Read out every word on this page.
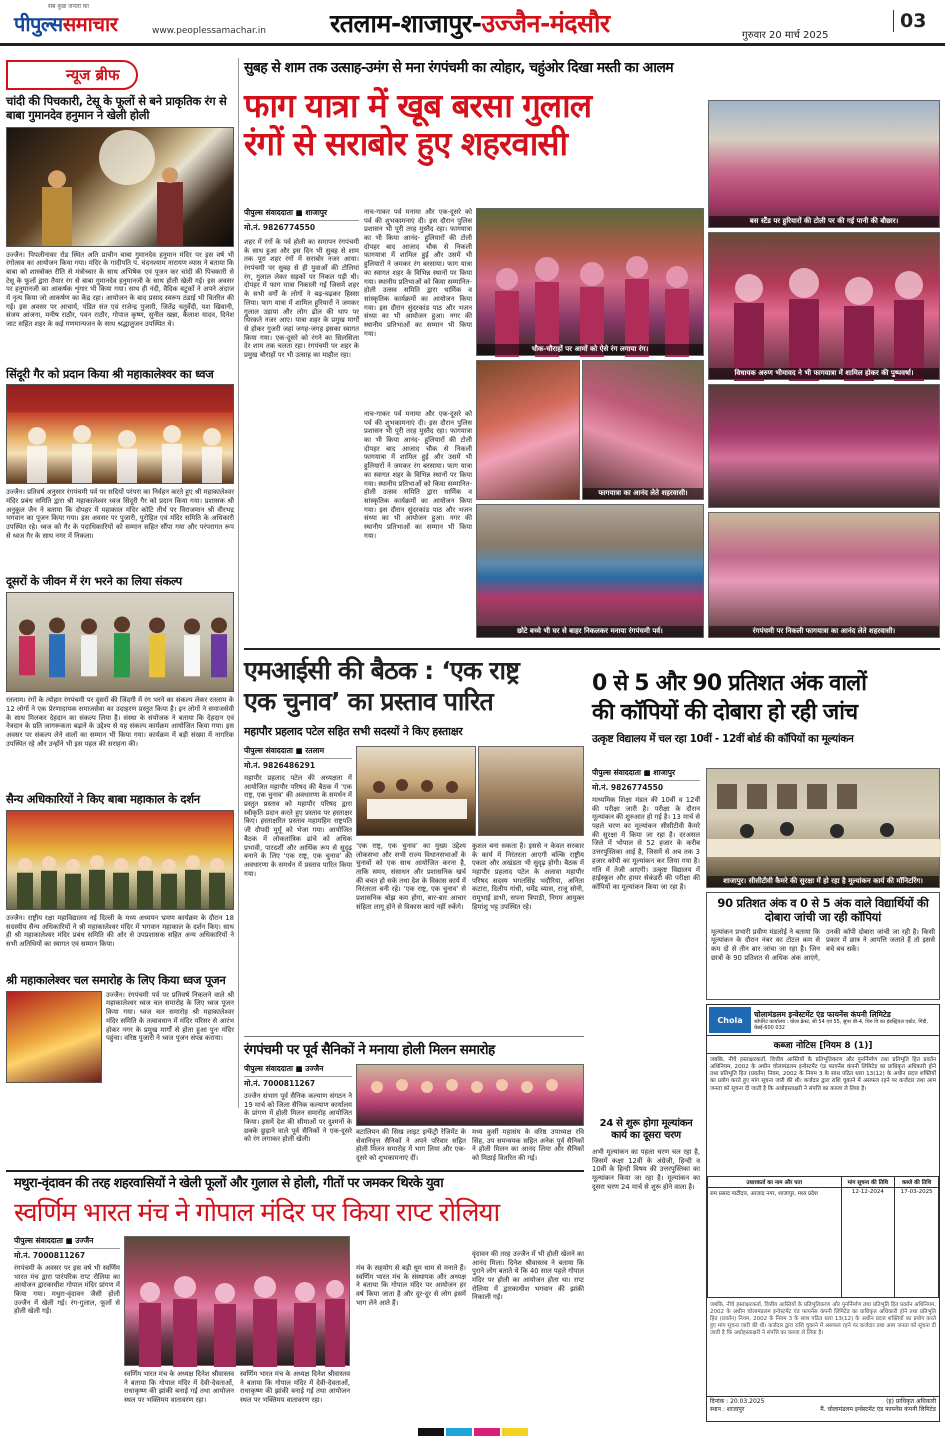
सब कुछ जनता का
पीपुल्ससमाचार	www.peoplessamachar.in	रतलाम-शाजापुर-उज्जैन-मंदसौर	गुरुवार 20 मार्च 2025
03
न्यूज ब्रीफ
चांदी की पिचकारी, टेसू के फूलों से बने प्राकृतिक रंग से बाबा गुमानदेव हनुमान ने खेली होली
उज्जैन। पिपलीनाका रोड स्थित अति प्राचीन बाबा गुमानदेव हनुमान मंदिर पर इस वर्ष भी रंगोत्सव का आयोजन किया गया। मंदिर के गादीपति पं. चंदनश्याम नारायण व्यास ने बताया कि बाबा को शास्त्रोक्त रीति से मंत्रोच्चार के साथ अभिषेक एवं पूजन कर चांदी की पिचकारी से टेसू के फूलों द्वारा तैयार रंग से बाबा गुमानदेव हनुमानजी के साथ होली खेली गई। इस अवसर पर हनुमानजी का आकर्षक शृंगार भी किया गया। साथ ही नंदी, वैदिक बटुकों ने अपने अंदाज में नृत्य किया जो आकर्षण का केंद्र रहा। आयोजन के बाद प्रसाद स्वरूप ठंडाई भी वितरित की गई। इस अवसर पर आचार्य, पंडित संत एवं राजेन्द्र पुजारी, जितेंद्र चतुर्वेदी, यश खिवानी, संजय आंजना, मनीष राठौर, पवन राठौर, गोपाल कृष्ण, सुनील खन्ना, कैलाश यादव, दिनेश जाट सहित शहर के कई गणमान्यजन के साथ श्रद्धालुजन उपस्थित थे।
सिंदूरी गैर को प्रदान किया श्री महाकालेश्वर का ध्वज
उज्जैन। प्रतिवर्ष अनुसार रंगपंचमी पर्व पर सदियों परंपरा का निर्वहन करते हुए श्री महाकालेश्वर मंदिर प्रबंध समिति द्वारा श्री महाकालेश्वर ध्वज सिंदूरी गैर को प्रदान किया गया। प्रशासक श्री अनुकूल जैन ने बताया कि दोपहर में महाकाल मंदिर कोटि तीर्थ पर विराजमान श्री वीरभद्र भगवान का पूजन किया गया। इस अवसर पर पुजारी, पुरोहित एवं मंदिर समिति के अधिकारी उपस्थित रहे। ध्वज को गैर के पदाधिकारियों को सम्मान सहित सौंपा गया और परंपरागत रूप से ध्वज गैर के साथ नगर में निकला।
दूसरों के जीवन में रंग भरने का लिया संकल्प
रतलाम। रंगों के त्योहार रंगपंचमी पर दूसरों की जिंदगी में रंग भरने का संकल्प लेकर रतलाम के 12 लोगों ने एक प्रेरणादायक समाजसेवा का उदाहरण प्रस्तुत किया है। इन लोगों ने समाजसेवी के साथ मिलकर देहदान का संकल्प लिया है। संस्था के संयोजक ने बताया कि देहदान एवं नेत्रदान के प्रति जागरूकता बढ़ाने के उद्देश्य से यह संकल्प कार्यक्रम आयोजित किया गया। इस अवसर पर संकल्प लेने वालों का सम्मान भी किया गया। कार्यक्रम में बड़ी संख्या में नागरिक उपस्थित रहे और उन्होंने भी इस पहल की सराहना की।
सैन्य अधिकारियों ने किए बाबा महाकाल के दर्शन
उज्जैन। राष्ट्रीय रक्षा महाविद्यालय नई दिल्ली के मध्य अध्ययन भ्रमण कार्यक्रम के दौरान 18 सदस्यीय सैन्य अधिकारियों ने श्री महाकालेश्वर मंदिर में भगवान महाकाल के दर्शन किए। साथ ही श्री महाकालेश्वर मंदिर प्रबंध समिति की ओर से उपप्रशासक सहित अन्य अधिकारियों ने सभी अतिथियों का स्वागत एवं सम्मान किया।
श्री महाकालेश्वर चल समारोह के लिए किया ध्वज पूजन
उज्जैन। रंगपंचमी पर्व पर प्रतिवर्ष निकलने वाले श्री महाकालेश्वर ध्वज चल समारोह के लिए ध्वज पूजन किया गया। ध्वज चल समारोह श्री महाकालेश्वर मंदिर समिति के तत्वावधान में मंदिर परिसर से आरंभ होकर नगर के प्रमुख मार्गों से होता हुआ पुनः मंदिर पहुंचा। वरिष्ठ पुजारी ने ध्वज पूजन संपन्न कराया।
सुबह से शाम तक उत्साह-उमंग से मना रंगपंचमी का त्योहार, चहुंओर दिखा मस्ती का आलम
फाग यात्रा में खूब बरसा गुलाल
रंगों से सराबोर हुए शहरवासी
पीपुल्स संवाददाता ■ शाजापुर
मो.नं. 9826774550
शहर में रंगों के पर्व होली का समापन रंगपंचमी के साथ हुआ और इस दिन भी सुबह से शाम तक पूरा शहर रंगों में सराबोर नजर आया। रंगपंचमी पर सुबह से ही युवाओं की टोलियां रंग, गुलाल लेकर सड़कों पर निकल पड़ी थी। दोपहर में फाग यात्रा निकाली गई जिसमें शहर के सभी वर्गों के लोगों ने बढ़-चढ़कर हिस्सा लिया। फाग यात्रा में शामिल हुरियारों ने जमकर गुलाल उड़ाया और लोग ढोल की थाप पर थिरकते नजर आए। यात्रा शहर के प्रमुख मार्गों से होकर गुजरी जहां जगह-जगह इसका स्वागत किया गया। एक-दूसरे को रंगने का सिलसिला देर शाम तक चलता रहा। रंगपंचमी पर शहर के प्रमुख चौराहों पर भी उत्साह का माहौल रहा।
नाच-गाकर पर्व मनाया और एक-दूसरे को पर्व की शुभकामनाएं दी। इस दौरान पुलिस प्रशासन भी पूरी तरह मुस्तैद रहा। फागयात्रा का भी किया आनंद- हुलियारों की टोली दोपहर बाद आजाद चौक से निकली फागयात्रा में शामिल हुई और उसमें भी हुलियारों ने जमकर रंग बरसाया। फाग यात्रा का स्वागत शहर के विभिन्न स्थानों पर किया गया। स्थानीय प्रतिभाओं को किया सम्मानित- होली उत्सव समिति द्वारा धार्मिक व सांस्कृतिक कार्यक्रमों का आयोजन किया गया। इस दौरान सुंदरकांड पाठ और भजन संध्या का भी आयोजन हुआ। नगर की स्थानीय प्रतिभाओं का सम्मान भी किया गया।
नाच-गाकर पर्व मनाया और एक-दूसरे को पर्व की शुभकामनाएं दी। इस दौरान पुलिस प्रशासन भी पूरी तरह मुस्तैद रहा। फागयात्रा का भी किया आनंद- हुलियारों की टोली दोपहर बाद आजाद चौक से निकली फागयात्रा में शामिल हुई और उसमें भी हुलियारों ने जमकर रंग बरसाया। फाग यात्रा का स्वागत शहर के विभिन्न स्थानों पर किया गया। स्थानीय प्रतिभाओं को किया सम्मानित- होली उत्सव समिति द्वारा धार्मिक व सांस्कृतिक कार्यक्रमों का आयोजन किया गया। इस दौरान सुंदरकांड पाठ और भजन संध्या का भी आयोजन हुआ। नगर की स्थानीय प्रतिभाओं का सम्मान भी किया गया।
चौक-चौराहों पर आमों को ऐसे रंग लगाया रंग।
बस स्टैंड पर हुरियारों की टोली पर की गई पानी की बौछार।
विधायक अरुण भीमावद ने भी फागयात्रा में शामिल होकर की पुष्पवर्षा।
फागयात्रा का आनंद लेते शहरवासी।
छोटे बच्चे भी घर से बाहर निकलकर मनाया रंगपंचमी पर्व।	रंगपंचमी पर निकली फागयात्रा का आनंद लेते शहरवासी।
एमआईसी की बैठक : ‘एक राष्ट्र
एक चुनाव’ का प्रस्ताव पारित
महापौर प्रहलाद पटेल सहित सभी सदस्यों ने किए हस्ताक्षर
पीपुल्स संवाददाता ■ रतलाम
मो.नं. 9826486291
महापौर प्रहलाद पटेल की अध्यक्षता में आयोजित महापौर परिषद की बैठक में ‘एक राष्ट्र, एक चुनाव’ की अवधारणा के समर्थन में प्रस्तुत प्रस्ताव को महापौर परिषद द्वारा स्वीकृति प्रदान करते हुए प्रस्ताव पर हस्ताक्षर किए। हस्ताक्षरित प्रस्ताव महामहिम राष्ट्रपति जी दौपदी मुर्मू को भेजा गया। आयोजित बैठक में लोकतांत्रिक ढांचे को अधिक प्रभावी, पारदर्शी और आर्थिक रूप से सुदृढ़ बनाने के लिए ‘एक राष्ट्र, एक चुनाव’ की अवधारणा के समर्थन में प्रस्ताव पारित किया गया।
‘एक राष्ट्र, एक चुनाव’ का मुख्य उद्देश्य लोकसभा और सभी राज्य विधानसभाओं के चुनावों को एक साथ आयोजित करना है, ताकि समय, संसाधन और प्रशासनिक खर्च की बचत हो सके तथा देश के विकास कार्य में निरंतरता बनी रहे। ‘एक राष्ट्र, एक चुनाव’ से प्रशासनिक बोझ कम होगा, बार-बार आचार संहिता लागू होने से विकास कार्य नहीं रुकेंगे।
कुशल बना सकता है। इससे न केवल सरकार के कार्य में निरंतरता आएगी बल्कि राष्ट्रीय एकता और अखंडता भी सुदृढ़ होगी। बैठक में महापौर प्रहलाद पटेल के अलावा महापौर परिषद सदस्य भगतसिंह भदौरिया, अनिता कटारा, दिलीप गांधी, धर्मेंद्र व्यास, राजू सोनी, रामूभाई डाभी, सपना त्रिपाठी, निगम आयुक्त हिमांशु भट्ट उपस्थित रहे।
0 से 5 और 90 प्रतिशत अंक वालों
की कॉपियों की दोबारा हो रही जांच
उत्कृष्ट विद्यालय में चल रहा 10वीं - 12वीं बोर्ड की कॉपियों का मूल्यांकन
पीपुल्स संवाददाता ■ शाजापुर
मो.नं. 9826774550
माध्यमिक शिक्षा मंडल की 10वीं व 12वीं की परीक्षा जारी है। परीक्षा के दौरान मूल्यांकन की शुरुआत हो गई है। 13 मार्च से पहले चरण का मूल्यांकन सीसीटीवी कैमरे की सुरक्षा में किया जा रहा है। दरअसल जिले में भोपाल से 52 हजार के करीब उत्तरपुस्तिका आई है, जिसमें से अब तक 3 हजार कॉपी का मूल्यांकन कर लिया गया है। गति में तेजी आएगी। उत्कृष्ट विद्यालय में हाईस्कूल और हायर सेकंडरी की परीक्षा की कॉपियों का मूल्यांकन किया जा रहा है।
शाजापुर। सीसीटीवी कैमरे की सुरक्षा में हो रहा है मूल्यांकन कार्य की मॉनिटरिंग।
90 प्रतिशत अंक व 0 से 5 अंक वाले विद्यार्थियों की दोबारा जांची जा रही कॉपियां
मूल्यांकन प्रभारी प्रवीण मंडलोई ने बताया कि मूल्यांकन के दौरान नंबर का टोटल कम से कम दो से तीन बार जांचा जा रहा है। जिन छात्रों के 90 प्रतिशत से अधिक अंक आएंगे, उनकी कॉपी दोबारा जांची जा रही है। किसी प्रकार में छात्र ने आपत्ति जताते हैं तो इससे बचे बच सकें।
24 से शुरू होगा मूल्यांकन कार्य का दूसरा चरण
अभी मूल्यांकन का पहला चरण चल रहा है, जिसमें कक्षा 12वीं के अंग्रेजी, हिन्दी व 10वीं के हिन्दी विषय की उत्तरपुस्तिका का मूल्यांकन किया जा रहा है। मूल्यांकन का दूसरा चरण 24 मार्च से शुरू होने वाला है।
Chola
चोलामंडलम इन्वेस्टमेंट एंड फायनेंस कंपनी लिमिटेड
कॉर्पोरेट कार्यालय : चोला क्रेस्ट, सी 54 एवं 55, सुपर बी-4, थिरु वि का इंडस्ट्रियल एस्टेट, गिंडी, चेन्नई-600 032
कब्जा नोटिस [नियम 8 (1)]
जबकि, नीचे हस्ताक्षरकर्ता, वित्तीय आस्तियों के प्रतिभूतिकरण और पुनर्निर्माण तथा प्रतिभूति हित प्रवर्तन अधिनियम, 2002 के अधीन चोलामंडलम इन्वेस्टमेंट एंड फायनेंस कंपनी लिमिटेड का प्राधिकृत अधिकारी होने तथा प्रतिभूति हित (प्रवर्तन) नियम, 2002 के नियम 3 के साथ पठित धारा 13(12) के अधीन प्रदत्त शक्तियों का प्रयोग करते हुए मांग सूचना जारी की थी। कर्जदार द्वारा राशि चुकाने में असफल रहने पर कर्जदार तथा आम जनता को सूचना दी जाती है कि अधोहस्ताक्षरी ने संपत्ति का कब्जा ले लिया है।
उधारकर्ता का नाम और पता	मांग सूचना की तिथि	कब्जे की तिथि
राम प्रसाद पाटीदार, आजाद नगर, शाजापुर, मध्य प्रदेश	12-12-2024	17-03-2025
जबकि, नीचे हस्ताक्षरकर्ता, वित्तीय आस्तियों के प्रतिभूतिकरण और पुनर्निर्माण तथा प्रतिभूति हित प्रवर्तन अधिनियम, 2002 के अधीन चोलामंडलम इन्वेस्टमेंट एंड फायनेंस कंपनी लिमिटेड का प्राधिकृत अधिकारी होने तथा प्रतिभूति हित (प्रवर्तन) नियम, 2002 के नियम 3 के साथ पठित धारा 13(12) के अधीन प्रदत्त शक्तियों का प्रयोग करते हुए मांग सूचना जारी की थी। कर्जदार द्वारा राशि चुकाने में असफल रहने पर कर्जदार तथा आम जनता को सूचना दी जाती है कि अधोहस्ताक्षरी ने संपत्ति का कब्जा ले लिया है।
दिनांक : 20.03.2025
स्थान : शाजापुर
(ह) प्राधिकृत अधिकारी
मैं. चोलामंडलम इन्वेस्टमेंट एंड फायनेंस कंपनी लिमिटेड
रंगपंचमी पर पूर्व सैनिकों ने मनाया होली मिलन समारोह
पीपुल्स संवाददाता ■ उज्जैन
मो.नं. 7000811267
उज्जैन संभाग पूर्व सैनिक कल्याण संगठन ने 19 मार्च को जिला सैनिक कल्याण कार्यालय के प्रांगण में होली मिलन समारोह आयोजित किया। इसमें देश की सीमाओं पर दुश्मनों के छक्के छुड़ाने वाले पूर्व सैनिकों ने एक-दूसरे को रंग लगाकर होली खेली।
बटालियन की सिख लाइट इन्फेंट्री रेजिमेंट के सेवानिवृत्त सैनिकों ने अपने परिवार सहित होली मिलन समारोह में भाग लिया और एक-दूसरे को शुभकामनाएं दीं।
मध्य कुर्सी महासंघ के वरिष्ठ उपाध्यक्ष रवि सिंह, उप समन्वयक सहित अनेक पूर्व सैनिकों ने होली मिलन का आनंद लिया और सैनिकों को मिठाई वितरित की गई।
मथुरा-वृंदावन की तरह शहरवासियों ने खेली फूलों और गुलाल से होली, गीतों पर जमकर थिरके युवा
स्वर्णिम भारत मंच ने गोपाल मंदिर पर किया राप्ट रोलिया
पीपुल्स संवाददाता ■ उज्जैन
मो.नं. 7000811267
रंगपंचमी के अवसर पर इस वर्ष भी स्वर्णिम भारत मंच द्वारा पारंपरिक राप्ट रोलिया का आयोजन द्वारकाधीश गोपाल मंदिर प्रांगण में किया गया। मथुरा-वृंदावन जैसी होली उज्जैन में खेली गई। रंग-गुलाल, फूलों से होली खेली गई।
स्वर्णिम भारत मंच के अध्यक्ष दिनेश श्रीवास्तव ने बताया कि गोपाल मंदिर में देवी-देवताओं, राधाकृष्ण की झांकी बनाई गई तथा आयोजन स्थल पर भक्तिमय वातावरण रहा।
स्वर्णिम भारत मंच के अध्यक्ष दिनेश श्रीवास्तव ने बताया कि गोपाल मंदिर में देवी-देवताओं, राधाकृष्ण की झांकी बनाई गई तथा आयोजन स्थल पर भक्तिमय वातावरण रहा।
मंच के सहयोग से बड़ी धूम धाम से मनाते हैं। स्वर्णिम भारत मंच के संस्थापक और अध्यक्ष ने बताया कि गोपाल मंदिर पर आयोजन हर वर्ष किया जाता है और दूर-दूर से लोग इसमें भाग लेने आते हैं।
वृंदावन की तरह उज्जैन में भी होली खेलने का आनंद मिला। दिनेश श्रीवास्तव ने बताया कि पुराने लोग बताते थे कि 40 साल पहले गोपाल मंदिर पर होली का आयोजन होता था। राप्ट रोलिया में द्वारकाधीश भगवान की झांकी निकाली गई।
